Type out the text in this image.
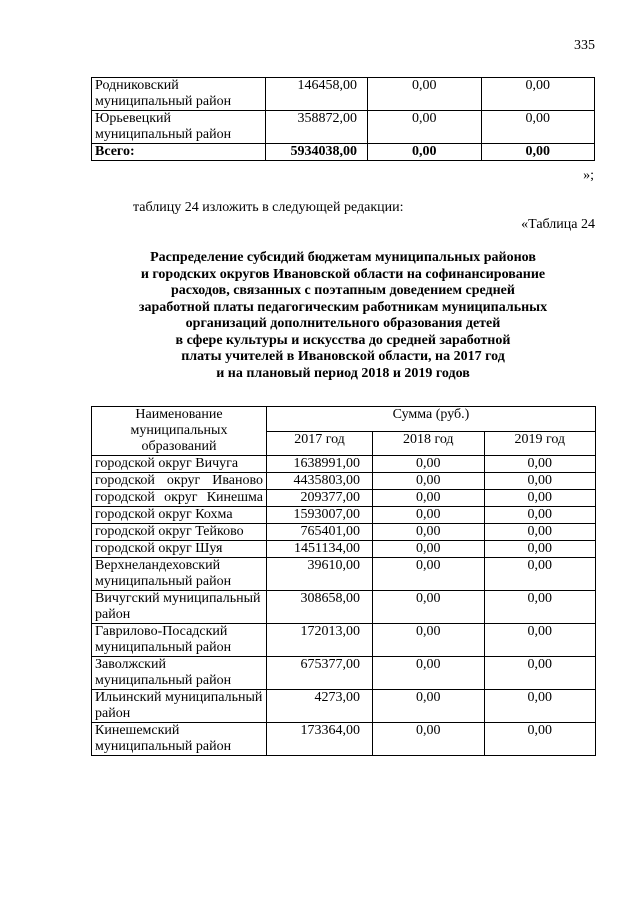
335
Родниковский муниципальный район	146458,00	0,00	0,00
Юрьевецкий муниципальный район	358872,00	0,00	0,00
Всего:	5934038,00	0,00	0,00
»;
таблицу 24 изложить в следующей редакции:
«Таблица 24
Распределение субсидий бюджетам муниципальных районов
и городских округов Ивановской области на софинансирование
расходов, связанных с поэтапным доведением средней
заработной платы педагогическим работникам муниципальных
организаций дополнительного образования детей
в сфере культуры и искусства до средней заработной
платы учителей в Ивановской области, на 2017 год
и на плановый период 2018 и 2019 годов
Наименование муниципальных образований	Сумма (руб.)		
	2017 год	2018 год	2019 год
городской округ Вичуга	1638991,00	0,00	0,00
городской округ Иваново	4435803,00	0,00	0,00
городской округ Кинешма	209377,00	0,00	0,00
городской округ Кохма	1593007,00	0,00	0,00
городской округ Тейково	765401,00	0,00	0,00
городской округ Шуя	1451134,00	0,00	0,00
Верхнеландеховский муниципальный район	39610,00	0,00	0,00
Вичугский муниципальный район	308658,00	0,00	0,00
Гаврилово-Посадский муниципальный район	172013,00	0,00	0,00
Заволжский муниципальный район	675377,00	0,00	0,00
Ильинский муниципальный район	4273,00	0,00	0,00
Кинешемский муниципальный район	173364,00	0,00	0,00
